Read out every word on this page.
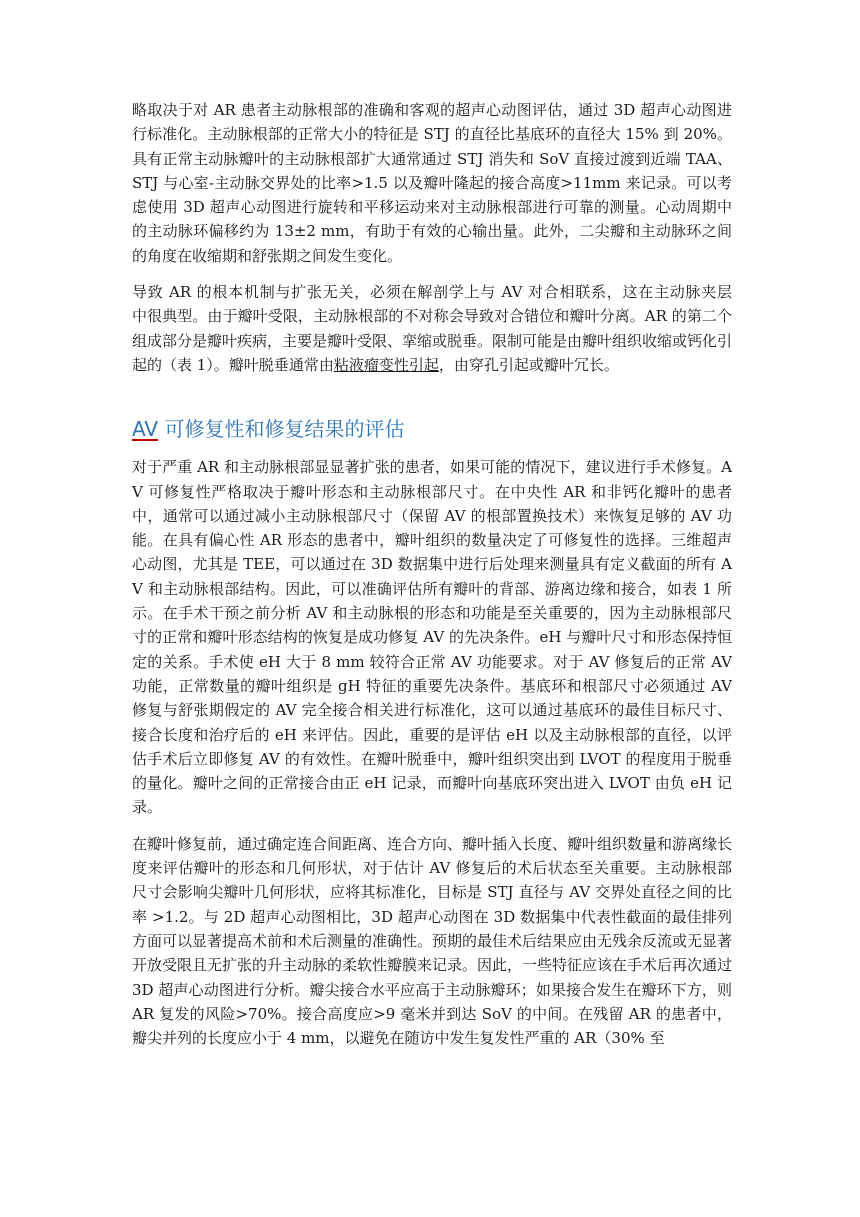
略取决于对 AR 患者主动脉根部的准确和客观的超声心动图评估，通过 3D 超声心动图进行标准化。主动脉根部的正常大小的特征是 STJ 的直径比基底环的直径大 15% 到 20%。具有正常主动脉瓣叶的主动脉根部扩大通常通过 STJ 消失和 SoV 直接过渡到近端 TAA、STJ 与心室-主动脉交界处的比率>1.5 以及瓣叶隆起的接合高度>11mm 来记录。可以考虑使用 3D 超声心动图进行旋转和平移运动来对主动脉根部进行可靠的测量。心动周期中的主动脉环偏移约为 13±2 mm，有助于有效的心输出量。此外，二尖瓣和主动脉环之间的角度在收缩期和舒张期之间发生变化。

导致 AR 的根本机制与扩张无关，必须在解剖学上与 AV 对合相联系，这在主动脉夹层　中很典型。由于瓣叶受限，主动脉根部的不对称会导致对合错位和瓣叶分离。AR 的第二个组成部分是瓣叶疾病，主要是瓣叶受限、挛缩或脱垂。限制可能是由瓣叶组织收缩或钙化引起的（表 1）。瓣叶脱垂通常由粘液瘤变性引起，由穿孔引起或瓣叶冗长。

AV 可修复性和修复结果的评估

对于严重 AR 和主动脉根部显显著扩张的患者，如果可能的情况下，建议进行手术修复。AV 可修复性严格取决于瓣叶形态和主动脉根部尺寸。在中央性 AR 和非钙化瓣叶的患者中，通常可以通过减小主动脉根部尺寸（保留 AV 的根部置换技术）来恢复足够的 AV 功能。在具有偏心性 AR 形态的患者中，瓣叶组织的数量决定了可修复性的选择。三维超声心动图，尤其是 TEE，可以通过在 3D 数据集中进行后处理来测量具有定义截面的所有 AV 和主动脉根部结构。因此，可以准确评估所有瓣叶的背部、游离边缘和接合，如表 1 所示。在手术干预之前分析 AV 和主动脉根的形态和功能是至关重要的，因为主动脉根部尺寸的正常和瓣叶形态结构的恢复是成功修复 AV 的先决条件。eH 与瓣叶尺寸和形态保持恒定的关系。手术使 eH 大于 8 mm 较符合正常 AV 功能要求。对于 AV 修复后的正常 AV 功能，正常数量的瓣叶组织是 gH 特征的重要先决条件。基底环和根部尺寸必须通过 AV 修复与舒张期假定的 AV 完全接合相关进行标准化，这可以通过基底环的最佳目标尺寸、接合长度和治疗后的 eH 来评估。因此，重要的是评估 eH 以及主动脉根部的直径，以评估手术后立即修复 AV 的有效性。在瓣叶脱垂中，瓣叶组织突出到 LVOT 的程度用于脱垂的量化。瓣叶之间的正常接合由正 eH 记录，而瓣叶向基底环突出进入 LVOT 由负 eH 记录。

在瓣叶修复前，通过确定连合间距离、连合方向、瓣叶插入长度、瓣叶组织数量和游离缘长度来评估瓣叶的形态和几何形状，对于估计 AV 修复后的术后状态至关重要。主动脉根部尺寸会影响尖瓣叶几何形状，应将其标准化，目标是 STJ 直径与 AV 交界处直径之间的比率 >1.2。与 2D 超声心动图相比，3D 超声心动图在 3D 数据集中代表性截面的最佳排列方面可以显著提高术前和术后测量的准确性。预期的最佳术后结果应由无残余反流或无显著开放受限且无扩张的升主动脉的柔软性瓣膜来记录。因此，一些特征应该在手术后再次通过 3D 超声心动图进行分析。瓣尖接合水平应高于主动脉瓣环；如果接合发生在瓣环下方，则 AR 复发的风险>70%。接合高度应>9 毫米并到达 SoV 的中间。在残留 AR 的患者中，瓣尖并列的长度应小于 4 mm，以避免在随访中发生复发性严重的 AR（30% 至
